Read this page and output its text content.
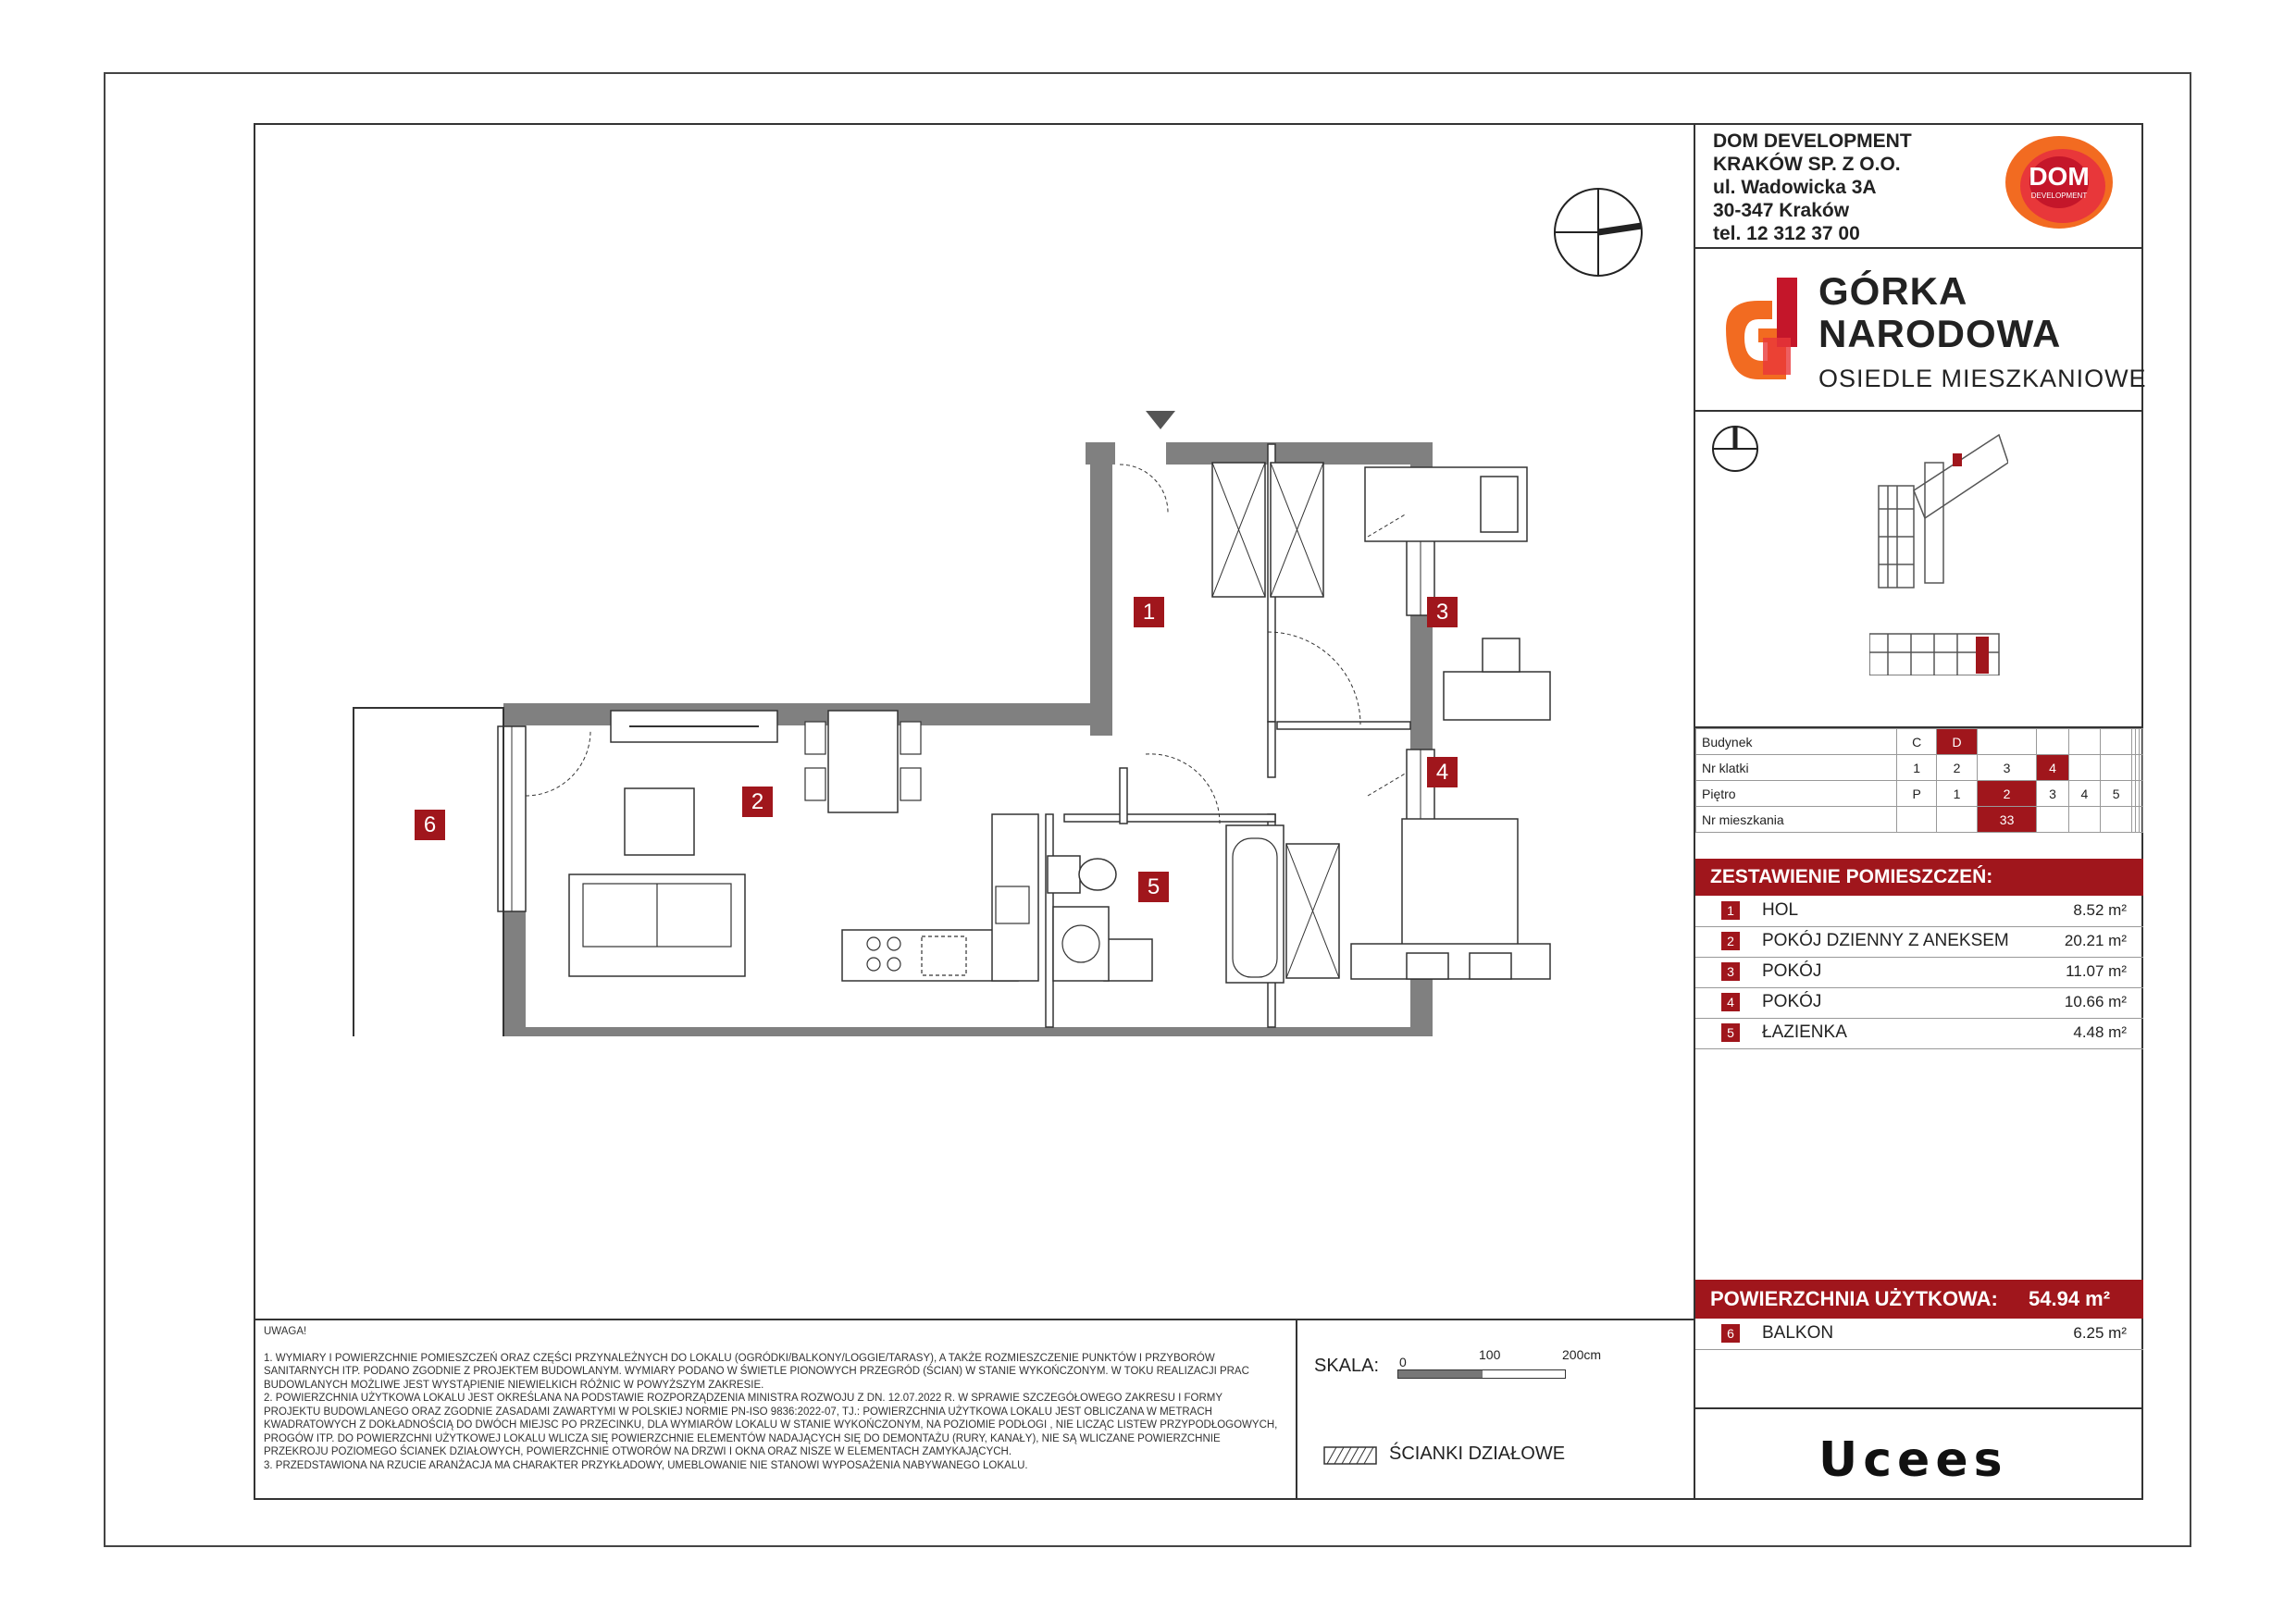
DOM DEVELOPMENT
KRAKÓW SP. Z O.O.
ul. Wadowicka 3A
30-347 Kraków
tel. 12 312 37 00
DOM
DEVELOPMENT
GÓRKA
NARODOWA
OSIEDLE MIESZKANIOWE
Budynek	C	D							
Nr klatki	1	2	3	4					
Piętro	P	1	2	3	4	5			
Nr mieszkania			33						
ZESTAWIENIE POMIESZCZEŃ:
1	HOL	8.52 m²
2	POKÓJ DZIENNY Z ANEKSEM	20.21 m²
3	POKÓJ	11.07 m²
4	POKÓJ	10.66 m²
5	ŁAZIENKA	4.48 m²
POWIERZCHNIA UŻYTKOWA: 54.94 m²
6	BALKON	6.25 m²
Ucees

UWAGA!

1. WYMIARY I POWIERZCHNIE POMIESZCZEŃ ORAZ CZĘŚCI PRZYNALEŻNYCH DO LOKALU (OGRÓDKI/BALKONY/LOGGIE/TARASY), A TAKŻE ROZMIESZCZENIE PUNKTÓW I PRZYBORÓW SANITARNYCH ITP. PODANO ZGODNIE Z PROJEKTEM BUDOWLANYM. WYMIARY PODANO W ŚWIETLE PIONOWYCH PRZEGRÓD (ŚCIAN) W STANIE WYKOŃCZONYM. W TOKU REALIZACJI PRAC BUDOWLANYCH MOŻLIWE JEST WYSTĄPIENIE NIEWIELKICH RÓŻNIC W POWYŻSZYM ZAKRESIE.

2. POWIERZCHNIA UŻYTKOWA LOKALU JEST OKREŚLANA NA PODSTAWIE ROZPORZĄDZENIA MINISTRA ROZWOJU Z DN. 12.07.2022 R. W SPRAWIE SZCZEGÓŁOWEGO ZAKRESU I FORMY PROJEKTU BUDOWLANEGO ORAZ ZGODNIE ZASADAMI ZAWARTYMI W POLSKIEJ NORMIE PN-ISO 9836:2022-07, TJ.: POWIERZCHNIA UŻYTKOWA LOKALU JEST OBLICZANA W METRACH KWADRATOWYCH Z DOKŁADNOŚCIĄ DO DWÓCH MIEJSC PO PRZECINKU, DLA WYMIARÓW LOKALU W STANIE WYKOŃCZONYM, NA POZIOMIE PODŁOGI , NIE LICZĄC LISTEW PRZYPODŁOGOWYCH, PROGÓW ITP. DO POWIERZCHNI UŻYTKOWEJ LOKALU WLICZA SIĘ POWIERZCHNIE ELEMENTÓW NADAJĄCYCH SIĘ DO DEMONTAŻU (RURY, KANAŁY), NIE SĄ WLICZANE POWIERZCHNIE PRZEKROJU POZIOMEGO ŚCIANEK DZIAŁOWYCH, POWIERZCHNIE OTWORÓW NA DRZWI I OKNA ORAZ NISZE W ELEMENTACH ZAMYKAJĄCYCH.

3. PRZEDSTAWIONA NA RZUCIE ARANŻACJA MA CHARAKTER PRZYKŁADOWY, UMEBLOWANIE NIE STANOWI WYPOSAŻENIA NABYWANEGO LOKALU.

SKALA: 0	100	200cm
ŚCIANKI DZIAŁOWE
1	3
4
2
5
6
